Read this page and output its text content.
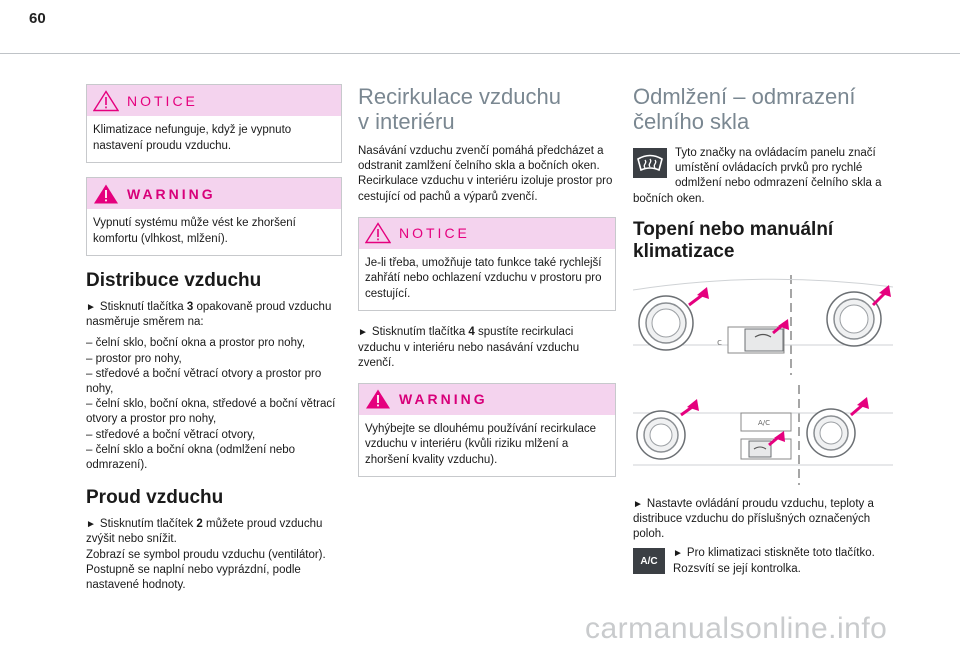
60
NOTICE
Klimatizace nefunguje, když je vypnuto nastavení proudu vzduchu.
WARNING
Vypnutí systému může vést ke zhoršení komfortu (vlhkost, mlžení).
Distribuce vzduchu

► Stisknutí tlačítka 3 opakovaně proud vzduchu nasměruje směrem na:

– čelní sklo, boční okna a prostor pro nohy,
– prostor pro nohy,
– středové a boční větrací otvory a prostor pro nohy,
– čelní sklo, boční okna, středové a boční větrací otvory a prostor pro nohy,
– středové a boční větrací otvory,
– čelní sklo a boční okna (odmlžení nebo odmrazení).
Proud vzduchu

► Stisknutím tlačítek 2 můžete proud vzduchu zvýšit nebo snížit.

Zobrazí se symbol proudu vzduchu (ventilátor).

Postupně se naplní nebo vyprázdní, podle nastavené hodnoty.

Recirkulace vzduchu v interiéru

Nasávání vzduchu zvenčí pomáhá předcházet a odstranit zamlžení čelního skla a bočních oken.

Recirkulace vzduchu v interiéru izoluje prostor pro cestující od pachů a výparů zvenčí.

NOTICE
Je-li třeba, umožňuje tato funkce také rychlejší zahřátí nebo ochlazení vzduchu v prostoru pro cestující.

► Stisknutím tlačítka 4 spustíte recirkulaci vzduchu v interiéru nebo nasávání vzduchu zvenčí.

WARNING
Vyhýbejte se dlouhému používání recirkulace vzduchu v interiéru (kvůli riziku mlžení a zhoršení kvality vzduchu).
Odmlžení – odmrazení čelního skla
Tyto značky na ovládacím panelu značí umístění ovládacích prvků pro rychlé odmlžení nebo odmrazení čelního skla a bočních oken.
Topení nebo manuální klimatizace
c
A/C

► Nastavte ovládání proudu vzduchu, teploty a distribuce vzduchu do příslušných označených poloh.

A/C
► Pro klimatizaci stiskněte toto tlačítko. Rozsvítí se její kontrolka.
carmanualsonline.info
